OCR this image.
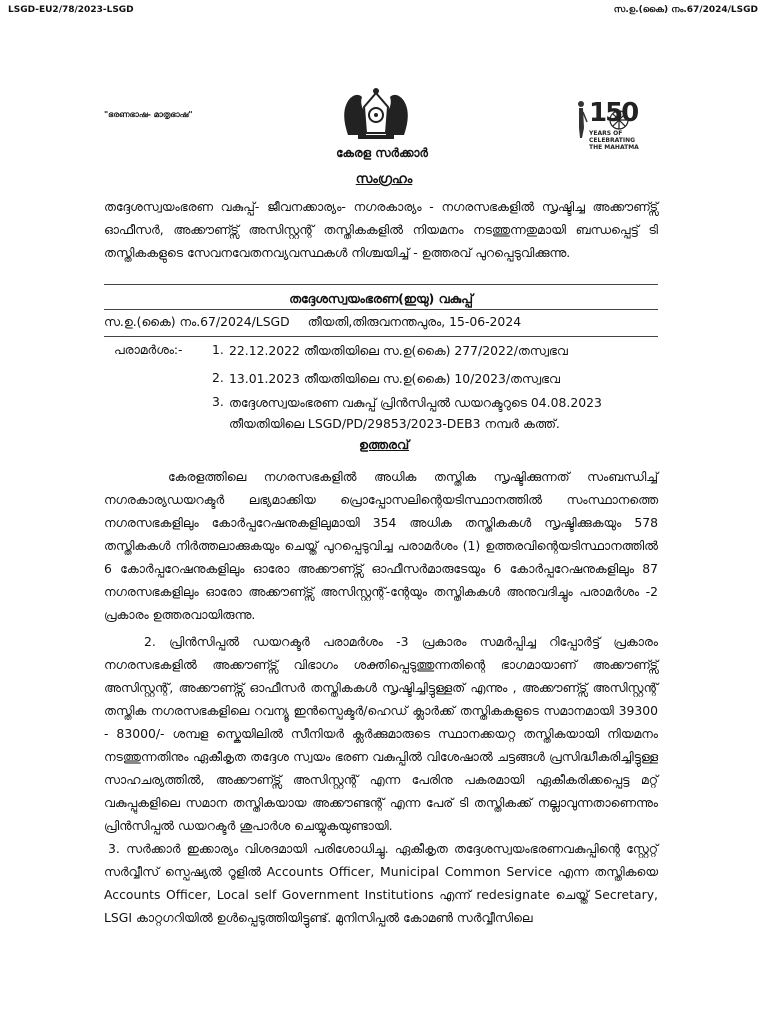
LSGD-EU2/78/2023-LSGD	സ.ഉ.(കൈ) നം.67/2024/LSGD
"ഭരണഭാഷ- മാതൃഭാഷ"
കേരള സർക്കാർ
150
YEARS OF
CELEBRATING
THE MAHATMA
സംഗ്രഹം
തദ്ദേശസ്വയംഭരണ വകുപ്പ്- ജീവനക്കാര്യം- നഗരകാര്യം - നഗരസഭകളിൽ സൃഷ്ടിച്ച അക്കൗണ്ട്സ് ഓഫീസർ, അക്കൗണ്ട്സ് അസിസ്റ്റന്റ് തസ്തികകളിൽ നിയമനം നടത്തുന്നതുമായി ബന്ധപ്പെട്ട് ടി തസ്തികകളുടെ സേവനവേതനവ്യവസ്ഥകൾ നിശ്ചയിച്ച് - ഉത്തരവ് പുറപ്പെടുവിക്കുന്നു.
തദ്ദേശസ്വയംഭരണ(ഇയു) വകുപ്പ്
സ.ഉ.(കൈ) നം.67/2024/LSGD തീയതി,തിരുവനന്തപുരം, 15-06-2024
പരാമർശം:- 1. 22.12.2022 തീയതിയിലെ സ.ഉ(കൈ) 277/2022/തസ്വഭവ
2. 13.01.2023 തീയതിയിലെ സ.ഉ(കൈ) 10/2023/തസ്വഭവ
3. തദ്ദേശസ്വയംഭരണ വകുപ്പ് പ്രിൻസിപ്പൽ ഡയറക്ടറുടെ 04.08.2023 തീയതിയിലെ LSGD/PD/29853/2023-DEB3 നമ്പർ കത്ത്.
ഉത്തരവ്
കേരളത്തിലെ നഗരസഭകളിൽ അധിക തസ്തിക സൃഷ്ടിക്കുന്നത് സംബന്ധിച്ച് നഗരകാര്യഡയറക്ടർ ലഭ്യമാക്കിയ പ്രൊപ്പോസലിന്റെയടിസ്ഥാനത്തിൽ സംസ്ഥാനത്തെ നഗരസഭകളിലും കോർപ്പറേഷനുകളിലുമായി 354 അധിക തസ്തികകൾ സൃഷ്ടിക്കുകയും 578 തസ്തികകൾ നിർത്തലാക്കുകയും ചെയ്ത് പുറപ്പെടുവിച്ച പരാമർശം (1) ഉത്തരവിന്റെയടിസ്ഥാനത്തിൽ 6 കോർപ്പറേഷനുകളിലും ഓരോ അക്കൗണ്ട്സ് ഓഫീസർമാരുടേയും 6 കോർപ്പറേഷനുകളിലും 87 നഗരസഭകളിലും ഓരോ അക്കൗണ്ട്സ് അസിസ്റ്റന്റ്-ന്റേയും തസ്തികകൾ അനുവദിച്ചും പരാമർശം -2 പ്രകാരം ഉത്തരവായിരുന്നു.
2. പ്രിൻസിപ്പൽ ഡയറക്ടർ പരാമർശം -3 പ്രകാരം സമർപ്പിച്ച റിപ്പോർട്ട് പ്രകാരം നഗരസഭകളിൽ അക്കൗണ്ട്സ് വിഭാഗം ശക്തിപ്പെടുത്തുന്നതിന്റെ ഭാഗമായാണ് അക്കൗണ്ട്സ് അസിസ്റ്റന്റ്, അക്കൗണ്ട്സ് ഓഫീസർ തസ്തികകൾ സൃഷ്ടിച്ചിട്ടുള്ളത് എന്നും , അക്കൗണ്ട്സ് അസിസ്റ്റന്റ് തസ്തിക നഗരസഭകളിലെ റവന്യൂ ഇൻസ്പെക്ടർ/ഹെഡ് ക്ലാർക്ക് തസ്തികകളുടെ സമാനമായി 39300 - 83000/- ശമ്പള സ്കെയിലിൽ സീനിയർ ക്ലർക്കുമാരുടെ സ്ഥാനക്കയറ്റ തസ്തികയായി നിയമനം നടത്തുന്നതിനും ഏകീകൃത തദ്ദേശ സ്വയം ഭരണ വകുപ്പിൽ വിശേഷാൽ ചട്ടങ്ങൾ പ്രസിദ്ധീകരിച്ചിട്ടുള്ള സാഹചര്യത്തിൽ, അക്കൗണ്ട്സ് അസിസ്റ്റന്റ് എന്ന പേരിനു പകരമായി ഏകീകരിക്കപ്പെട്ട മറ്റ് വകുപ്പുകളിലെ സമാന തസ്തികയായ അക്കൗണ്ടന്റ് എന്ന പേര് ടി തസ്തികക്ക് നല്ലാവുന്നതാണെന്നും പ്രിൻസിപ്പൽ ഡയറക്ടർ ശുപാർശ ചെയ്യുകയുണ്ടായി.
3. സർക്കാർ ഇക്കാര്യം വിശദമായി പരിശോധിച്ചു. ഏകീകൃത തദ്ദേശസ്വയംഭരണവകുപ്പിന്റെ സ്റ്റേറ്റ് സർവ്വീസ് സ്പെഷ്യൽ റൂളിൽ Accounts Officer, Municipal Common Service എന്ന തസ്തികയെ Accounts Officer, Local self Government Institutions എന്ന് redesignate ചെയ്ത് Secretary, LSGI കാറ്റഗറിയിൽ ഉൾപ്പെടുത്തിയിട്ടുണ്ട്. മുനിസിപ്പൽ കോമൺ സർവ്വീസിലെ
